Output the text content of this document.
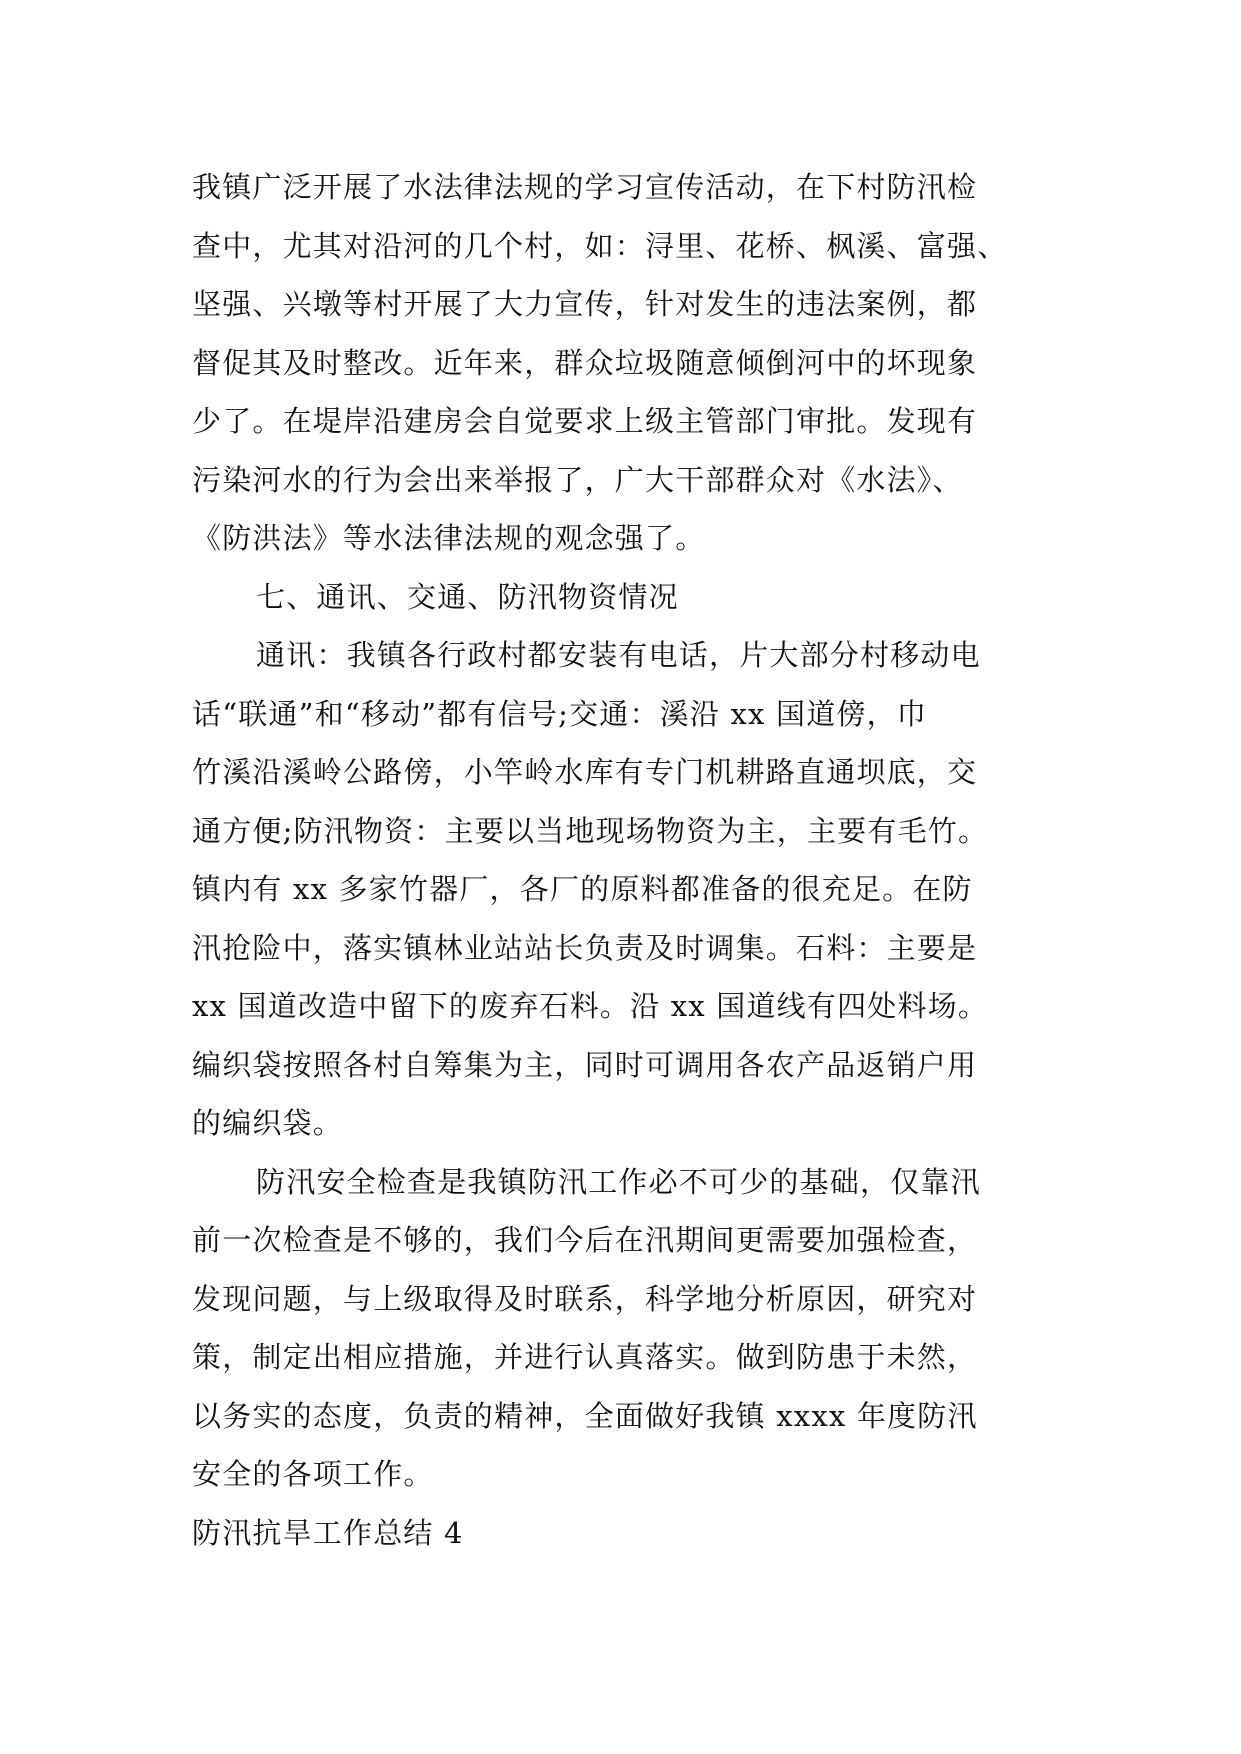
我镇广泛开展了水法律法规的学习宣传活动，在下村防汛检
查中，尤其对沿河的几个村，如：浔里、花桥、枫溪、富强、
坚强、兴墩等村开展了大力宣传，针对发生的违法案例，都
督促其及时整改。近年来，群众垃圾随意倾倒河中的坏现象
少了。在堤岸沿建房会自觉要求上级主管部门审批。发现有
污染河水的行为会出来举报了，广大干部群众对《水法》、
《防洪法》等水法律法规的观念强了。
七、通讯、交通、防汛物资情况
通讯：我镇各行政村都安装有电话，片大部分村移动电
话“联通”和“移动”都有信号;交通：溪沿 xx 国道傍，巾
竹溪沿溪岭公路傍，小竿岭水库有专门机耕路直通坝底，交
通方便;防汛物资：主要以当地现场物资为主，主要有毛竹。
镇内有 xx 多家竹器厂，各厂的原料都准备的很充足。在防
汛抢险中，落实镇林业站站长负责及时调集。石料：主要是
xx 国道改造中留下的废弃石料。沿 xx 国道线有四处料场。
编织袋按照各村自筹集为主，同时可调用各农产品返销户用
的编织袋。
防汛安全检查是我镇防汛工作必不可少的基础，仅靠汛
前一次检查是不够的，我们今后在汛期间更需要加强检查，
发现问题，与上级取得及时联系，科学地分析原因，研究对
策，制定出相应措施，并进行认真落实。做到防患于未然，
以务实的态度，负责的精神，全面做好我镇 xxxx 年度防汛
安全的各项工作。
防汛抗旱工作总结 4
